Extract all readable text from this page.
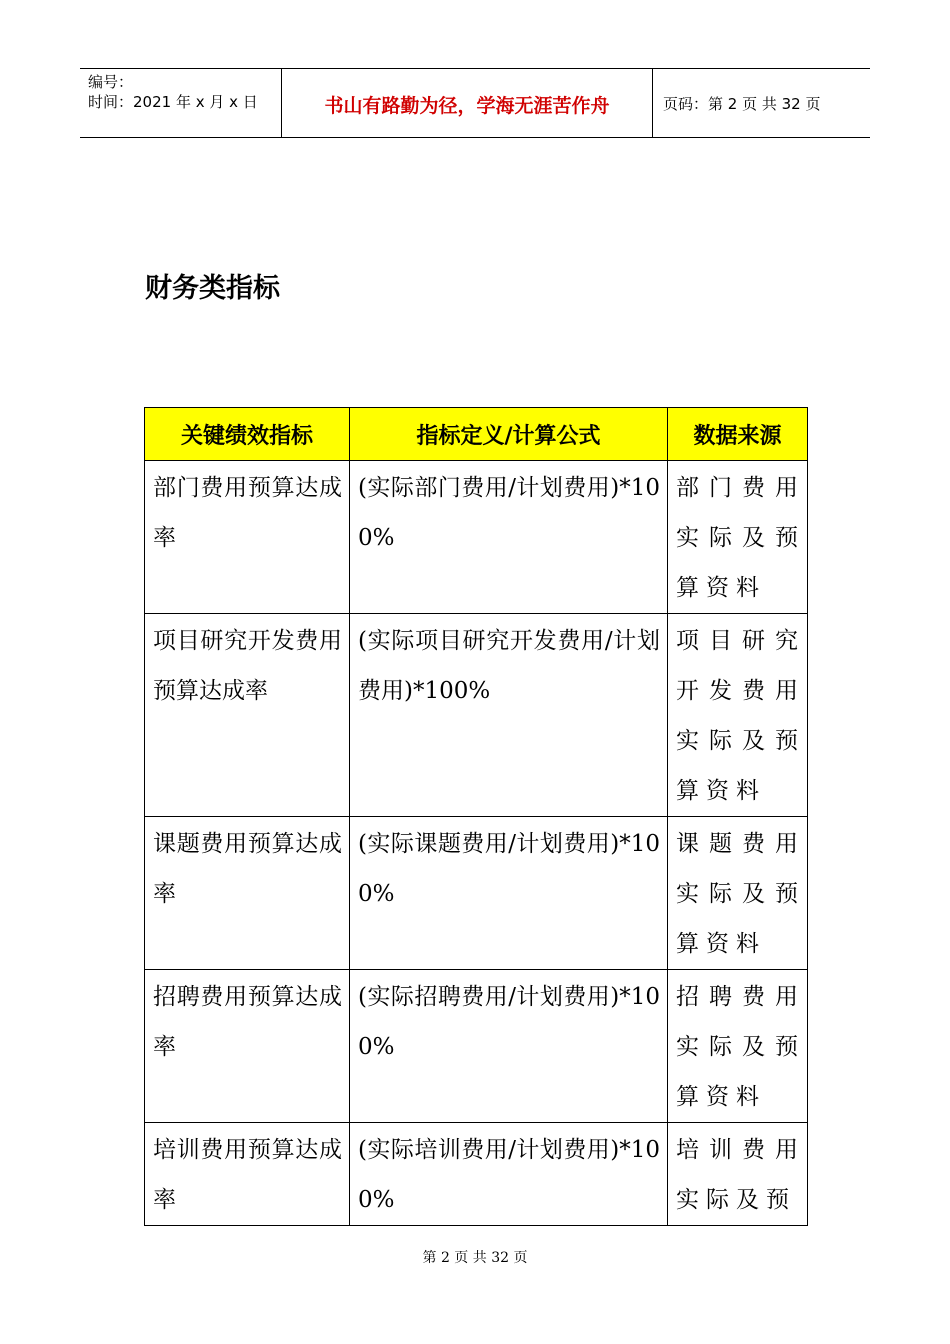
编号：
时间：2021 年 x 月 x 日	书山有路勤为径，学海无涯苦作舟	页码：第 2 页 共 32 页
财务类指标
关键绩效指标	指标定义/计算公式	数据来源
部门费用预算达成率	(实际部门费用/计划费用)*100%	部门费用实际及预算资料
项目研究开发费用预算达成率	(实际项目研究开发费用/计划费用)*100%	项目研究开发费用实际及预算资料
课题费用预算达成率	(实际课题费用/计划费用)*100%	课题费用实际及预算资料
招聘费用预算达成率	(实际招聘费用/计划费用)*100%	招聘费用实际及预算资料
培训费用预算达成率	(实际培训费用/计划费用)*100%	培训费用实际及预
第 2 页 共 32 页
